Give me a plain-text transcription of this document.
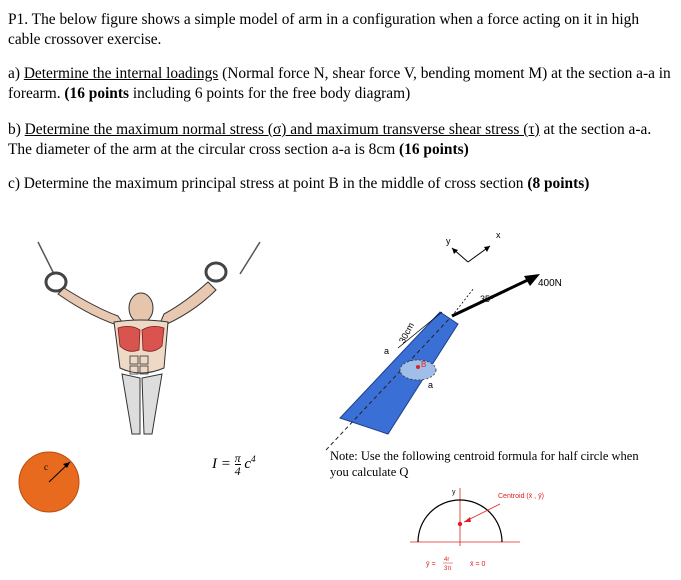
P1. The below figure shows a simple model of arm in a configuration when a force acting on it in high cable crossover exercise.
a) Determine the internal loadings (Normal force N, shear force V, bending moment M) at the section a-a in forearm. (16 points including 6 points for the free body diagram)
b) Determine the maximum normal stress (σ) and maximum transverse shear stress (τ) at the section a-a. The diameter of the arm at the circular cross section a-a is 8cm (16 points)
c) Determine the maximum principal stress at point B in the middle of cross section (8 points)
y
x
a
a
B
30cm
400N
35º
c	$I = \frac{\pi}{4} c^4$	Note: Use the following centroid formula for half circle when you calculate Q
y
Centroid (x̄ , ȳ)
ȳ =
4r
3π
x̄ = 0
